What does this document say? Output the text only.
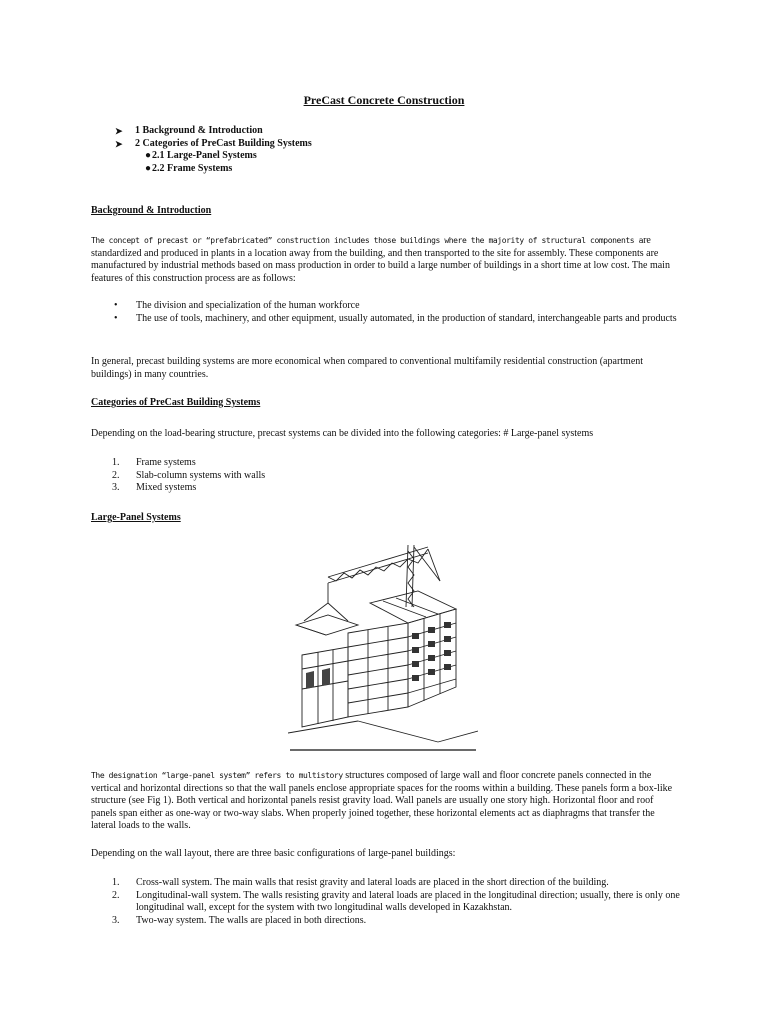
PreCast Concrete Construction
➤ 1 Background & Introduction
➤ 2 Categories of PreCast Building Systems
●2.1 Large-Panel Systems
●2.2 Frame Systems
Background & Introduction
The concept of precast or “prefabricated” construction includes those buildings where the majority of structural components are standardized and produced in plants in a location away from the building, and then transported to the site for assembly. These components are manufactured by industrial methods based on mass production in order to build a large number of buildings in a short time at low cost. The main features of this construction process are as follows:
• The division and specialization of the human workforce
• The use of tools, machinery, and other equipment, usually automated, in the production of standard, interchangeable parts and products
In general, precast building systems are more economical when compared to conventional multifamily residential construction (apartment buildings) in many countries.
Categories of PreCast Building Systems
Depending on the load-bearing structure, precast systems can be divided into the following categories: # Large-panel systems
1. Frame systems
2. Slab-column systems with walls
3. Mixed systems
Large-Panel Systems
The designation “large-panel system” refers to multistory structures composed of large wall and floor concrete panels connected in the vertical and horizontal directions so that the wall panels enclose appropriate spaces for the rooms within a building. These panels form a box-like structure (see Fig 1). Both vertical and horizontal panels resist gravity load. Wall panels are usually one story high. Horizontal floor and roof panels span either as one-way or two-way slabs. When properly joined together, these horizontal elements act as diaphragms that transfer the lateral loads to the walls.
Depending on the wall layout, there are three basic configurations of large-panel buildings:
1. Cross-wall system. The main walls that resist gravity and lateral loads are placed in the short direction of the building.
2. Longitudinal-wall system. The walls resisting gravity and lateral loads are placed in the longitudinal direction; usually, there is only one longitudinal wall, except for the system with two longitudinal walls developed in Kazakhstan.
3. Two-way system. The walls are placed in both directions.
